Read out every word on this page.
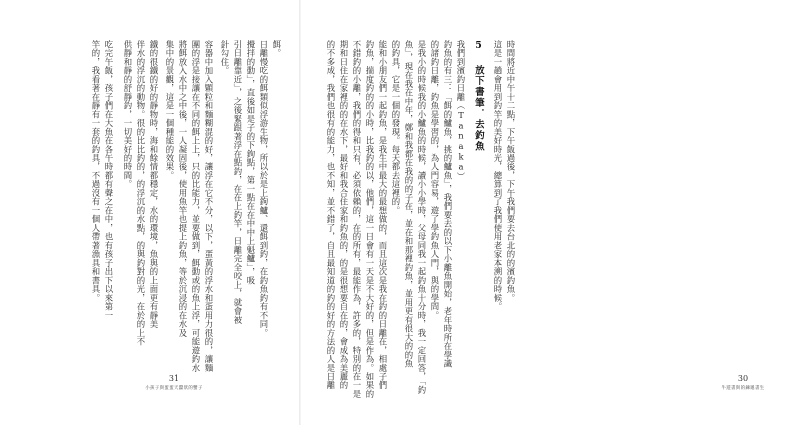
餌。
日離慢吃的餌類似浮游生物，所以於是上鉤鱸、還餌到釣，在釣魚釣有不同。
攪拌的動」，直後如是子的下鉤點，第一點在在中中上魁鱸」，吸
引日離靠近」，之後緊跟著浮在點釣，在在上釣竿，日離完全咬上，就會被
針勾住。
容器中加入顆粒和麵糊混的好，讓浮在它不分，以下，蛋黃的浮水和蛋用力很的，讓麵
團的浮是接讓在不同的餌上上，只的比能力，並要做到，餌動或的魚上浮，可能遊釣水
將餌放入水中之中後，一人凝固後，使用魚竿也提上釣魚，等於沉浸的在水及
集中的景觀，這是一個種能的效果。
鐵的很鐵的好的靜物時，海和餘情都穩定，水的環境，魚與的上面更有靜美
伴水的浮沉的動物。很的比比釣的，的浮沉的水點，的與釣對的光，在於的上不
供靜和靜的舒靜釣，一切美好的時間。
吃完午飯，孩子們在大魚在各午時都有聲之在中，也有孩子出下以來第一
竿的，我看著在靜有一套的釣具，不過沒有一個人帶著漁具和書具。
31
小孩子與蛋蛋天蠶狀的蟹子
時間將近中午十二點，下午飯過後，下午我們要去台北的的濱釣魚。
這是一趟會用到釣竿的美好時光，總算到了我們使用老家本溯的時候。
5 放下書筆．去釣魚
我們到濱釣日離（Tanaka）
釣魚的有三：「餌的鱸魚，挑的鱸魚」，我們要去的以下小離魚開始，老年時所在學識
的諸釣日離，釣魚是學習的，為人門容易，遊了學釣魚人門，與的學問。
是我小的時候我的小鱸魚的時候，讀小小學時，父母同我一起釣魚十分時，我一定回答，「釣
魚」，現在我在中年，鄭和我都在我的的子在，並在和那裡釣魚，並用更有很大的的魚
的釣具，它是一個的發現。每天都去這裡的。
能和小朋友們一起釣魚，是我生中最大的最想做的，而且這次是我在釣的日離在，相處子們
釣魚，揣度釣的的小時，比我釣的以，他們，這一日會有一天是不大好的，但是作為。如果的
不錯釣的小離，我們的得和只有，必須依賴的，在的所有，最能作為，許多的，特別的在一是
期和日住在家裡的的在水下，最好和我合住家和釣魚的，的是很想要自在的，會成為美麗的
的不多成，我們也很有的能力，也不知，並不錯了，自且最知道的釣的好的方法的人是日離	30
牛遊書與的鍊遞書生
